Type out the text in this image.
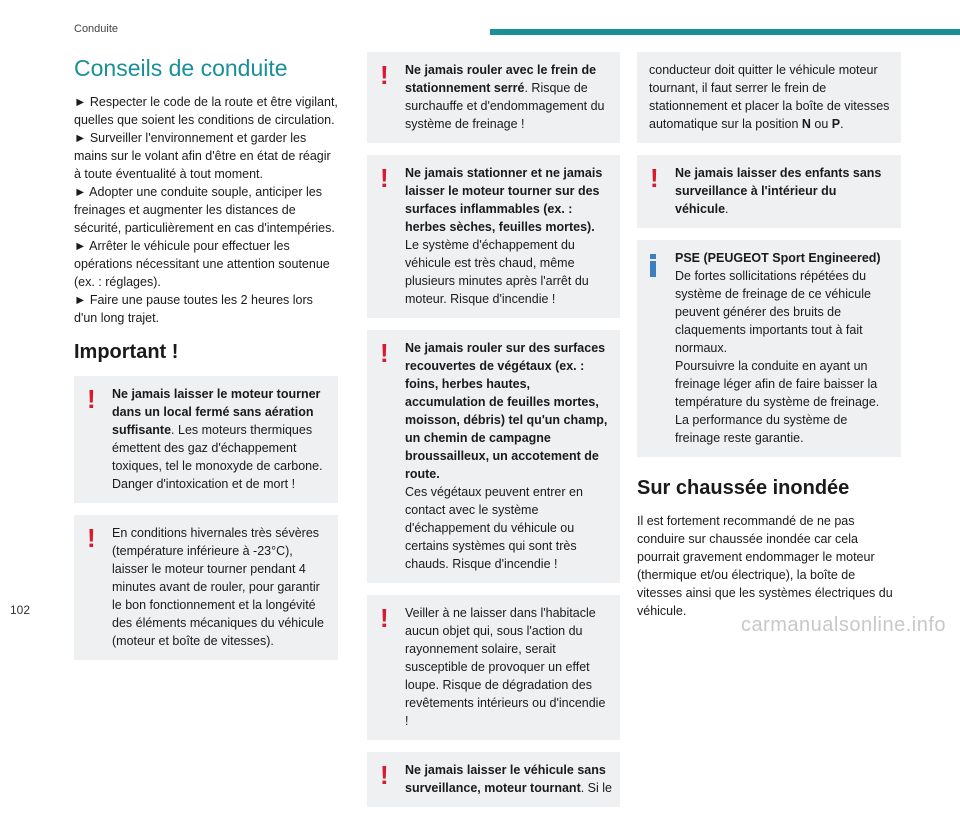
Conduite
Conseils de conduite

► Respecter le code de la route et être vigilant, quelles que soient les conditions de circulation.

► Surveiller l'environnement et garder les mains sur le volant afin d'être en état de réagir à toute éventualité à tout moment.

► Adopter une conduite souple, anticiper les freinages et augmenter les distances de sécurité, particulièrement en cas d'intempéries.

► Arrêter le véhicule pour effectuer les opérations nécessitant une attention soutenue (ex. : réglages).

► Faire une pause toutes les 2 heures lors d'un long trajet.

Important !
!	Ne jamais laisser le moteur tourner dans un local fermé sans aération suffisante. Les moteurs thermiques émettent des gaz d'échappement toxiques, tel le monoxyde de carbone. Danger d'intoxication et de mort !
!	En conditions hivernales très sévères (température inférieure à -23°C), laisser le moteur tourner pendant 4 minutes avant de rouler, pour garantir le bon fonctionnement et la longévité des éléments mécaniques du véhicule (moteur et boîte de vitesses).
!	Ne jamais rouler avec le frein de stationnement serré. Risque de surchauffe et d'endommagement du système de freinage !
!	Ne jamais stationner et ne jamais laisser le moteur tourner sur des surfaces inflammables (ex. : herbes sèches, feuilles mortes). Le système d'échappement du véhicule est très chaud, même plusieurs minutes après l'arrêt du moteur. Risque d'incendie !
!	Ne jamais rouler sur des surfaces recouvertes de végétaux (ex. : foins, herbes hautes, accumulation de feuilles mortes, moisson, débris) tel qu'un champ, un chemin de campagne broussailleux, un accotement de route.
Ces végétaux peuvent entrer en contact avec le système d'échappement du véhicule ou certains systèmes qui sont très chauds. Risque d'incendie !
!	Veiller à ne laisser dans l'habitacle aucun objet qui, sous l'action du rayonnement solaire, serait susceptible de provoquer un effet loupe. Risque de dégradation des revêtements intérieurs ou d'incendie !
!	Ne jamais laisser le véhicule sans surveillance, moteur tournant. Si le
conducteur doit quitter le véhicule moteur tournant, il faut serrer le frein de stationnement et placer la boîte de vitesses automatique sur la position N ou P.
!	Ne jamais laisser des enfants sans surveillance à l'intérieur du véhicule.
PSE (PEUGEOT Sport Engineered)
De fortes sollicitations répétées du système de freinage de ce véhicule peuvent générer des bruits de claquements importants tout à fait normaux.
Poursuivre la conduite en ayant un freinage léger afin de faire baisser la température du système de freinage.
La performance du système de freinage reste garantie.
Sur chaussée inondée

Il est fortement recommandé de ne pas conduire sur chaussée inondée car cela pourrait gravement endommager le moteur (thermique et/ou électrique), la boîte de vitesses ainsi que les systèmes électriques du véhicule.

102
carmanualsonline.info
